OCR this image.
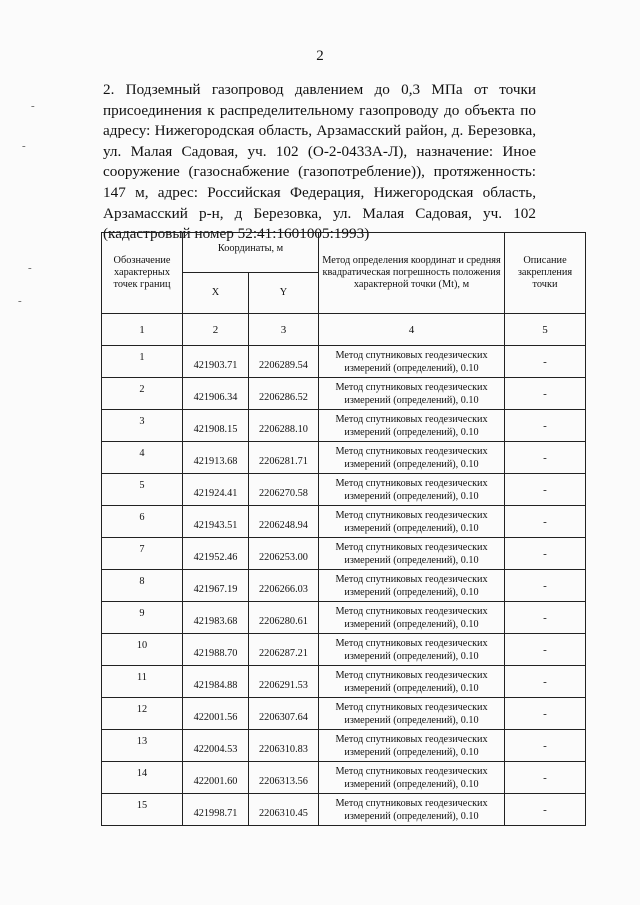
2

2. Подземный газопровод давлением до 0,3 МПа от точки присоединения к распределительному газопроводу до объекта по адресу: Нижегородская область, Арзамасский район, д. Березовка, ул. Малая Садовая, уч. 102 (О-2-0433А-Л), назначение: Иное сооружение (газоснабжение (газопотребление)), протяженность: 147 м, адрес: Российская Федерация, Нижегородская область, Арзамасский р-н, д Березовка, ул. Малая Садовая, уч. 102 (кадастровый номер 52:41:1601005:1993)

-
-
-
-
Обозначение характерных точек границ	Координаты, м		Метод определения координат и средняя квадратическая погрешность положения характерной точки (Mt), м	Описание закрепления точки
	X	Y		
1	2	3	4	5
1	421903.71	2206289.54	Метод спутниковых геодезических измерений (определений), 0.10	-
2	421906.34	2206286.52	Метод спутниковых геодезических измерений (определений), 0.10	-
3	421908.15	2206288.10	Метод спутниковых геодезических измерений (определений), 0.10	-
4	421913.68	2206281.71	Метод спутниковых геодезических измерений (определений), 0.10	-
5	421924.41	2206270.58	Метод спутниковых геодезических измерений (определений), 0.10	-
6	421943.51	2206248.94	Метод спутниковых геодезических измерений (определений), 0.10	-
7	421952.46	2206253.00	Метод спутниковых геодезических измерений (определений), 0.10	-
8	421967.19	2206266.03	Метод спутниковых геодезических измерений (определений), 0.10	-
9	421983.68	2206280.61	Метод спутниковых геодезических измерений (определений), 0.10	-
10	421988.70	2206287.21	Метод спутниковых геодезических измерений (определений), 0.10	-
11	421984.88	2206291.53	Метод спутниковых геодезических измерений (определений), 0.10	-
12	422001.56	2206307.64	Метод спутниковых геодезических измерений (определений), 0.10	-
13	422004.53	2206310.83	Метод спутниковых геодезических измерений (определений), 0.10	-
14	422001.60	2206313.56	Метод спутниковых геодезических измерений (определений), 0.10	-
15	421998.71	2206310.45	Метод спутниковых геодезических измерений (определений), 0.10	-
